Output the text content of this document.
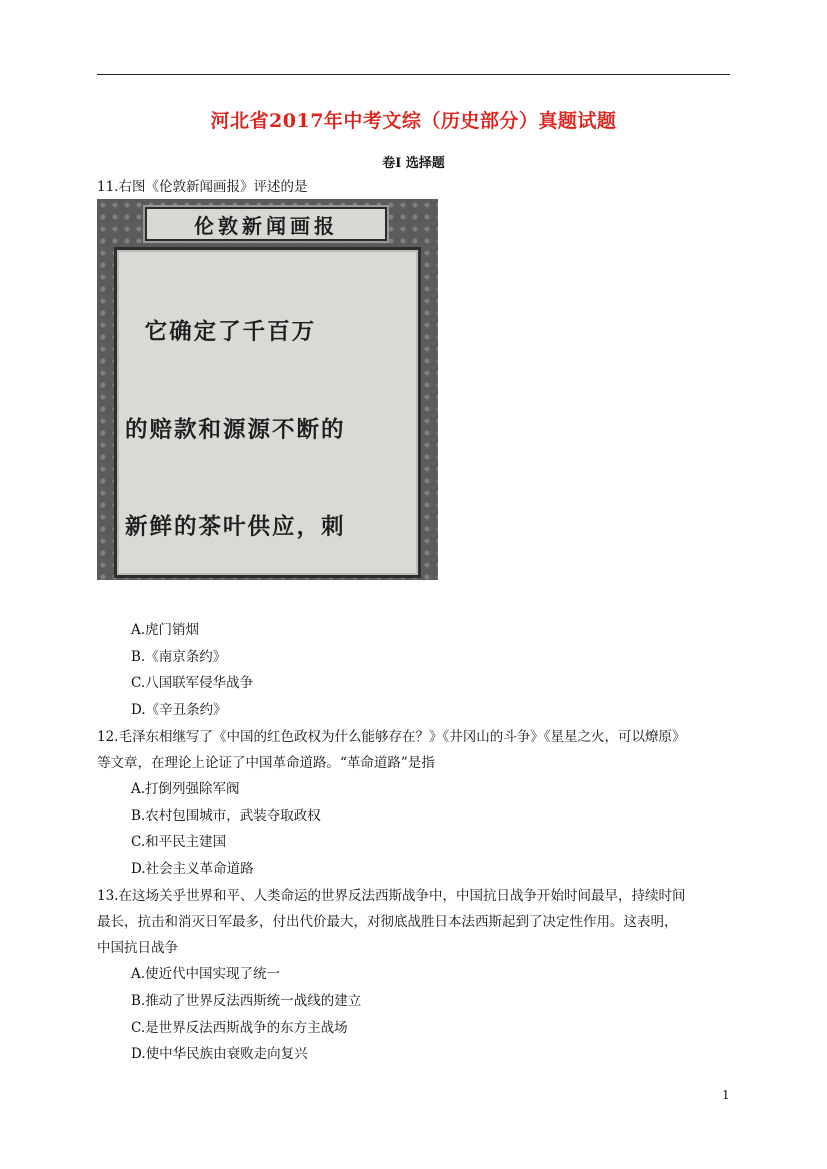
河北省2017年中考文综（历史部分）真题试题
卷Ⅰ 选择题
11.右图《伦敦新闻画报》评述的是
伦敦新闻画报

它确定了千百万

的赔款和源源不断的

新鲜的茶叶供应，刺

A.虎门销烟
B.《南京条约》
C.八国联军侵华战争
D.《辛丑条约》
12.毛泽东相继写了《中国的红色政权为什么能够存在？》《井冈山的斗争》《星星之火，可以燎原》
等文章，在理论上论证了中国革命道路。“革命道路”是指
A.打倒列强除军阀
B.农村包围城市，武装夺取政权
C.和平民主建国
D.社会主义革命道路
13.在这场关乎世界和平、人类命运的世界反法西斯战争中，中国抗日战争开始时间最早，持续时间
最长，抗击和消灭日军最多，付出代价最大，对彻底战胜日本法西斯起到了决定性作用。这表明，
中国抗日战争
A.使近代中国实现了统一
B.推动了世界反法西斯统一战线的建立
C.是世界反法西斯战争的东方主战场
D.使中华民族由衰败走向复兴
1
